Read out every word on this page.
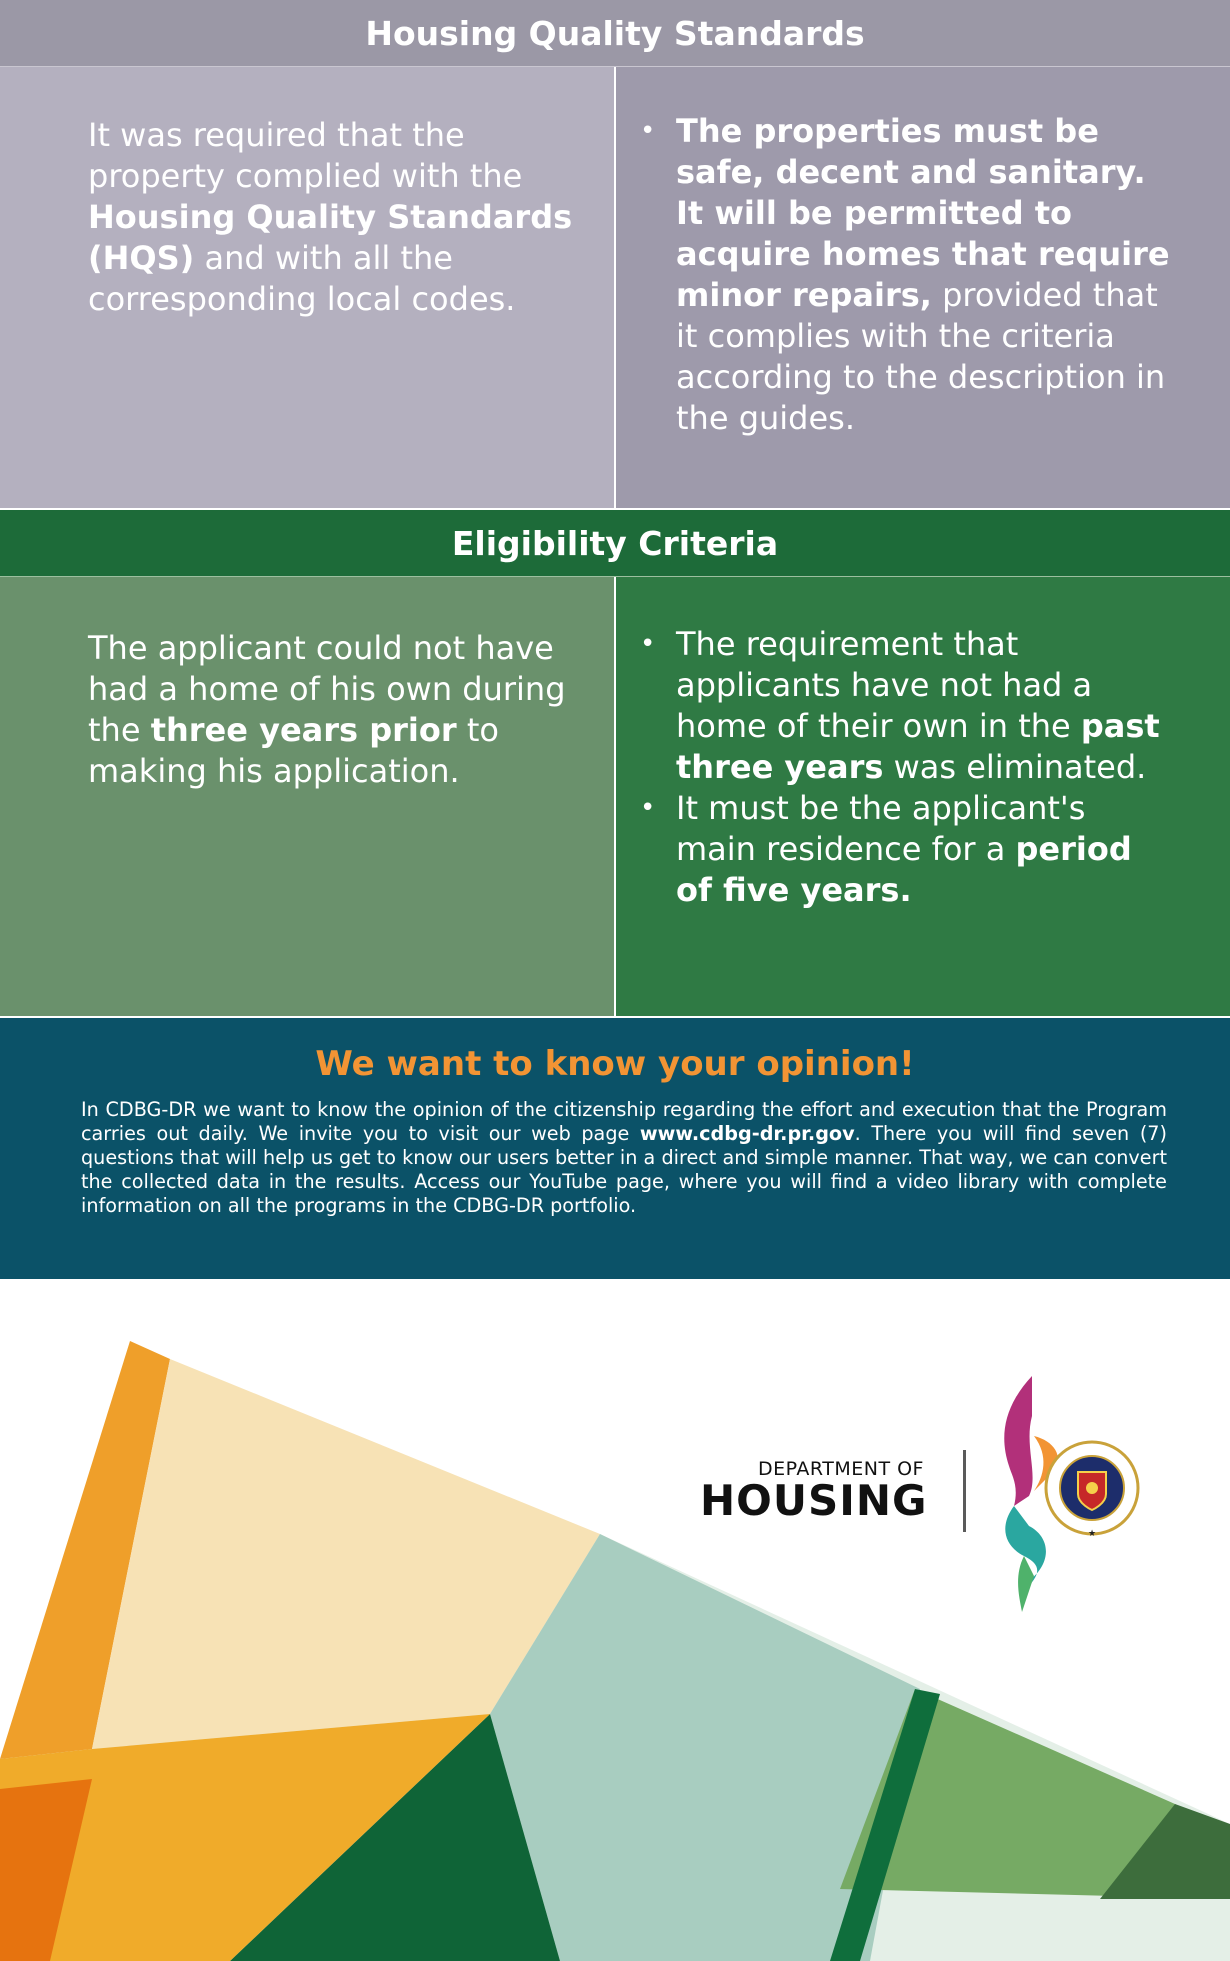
Housing Quality Standards
It was required that the property complied with the Housing Quality Standards (HQS) and with all the corresponding local codes.
• The properties must be safe, decent and sanitary. It will be permitted to acquire homes that require minor repairs, provided that it complies with the criteria according to the description in the guides.
Eligibility Criteria
The applicant could not have had a home of his own during the three years prior to making his application.
• The requirement that applicants have not had a home of their own in the past three years was eliminated.
• It must be the applicant's main residence for a period of five years.
We want to know your opinion!
In CDBG-DR we want to know the opinion of the citizenship regarding the effort and execution that the Program carries out daily. We invite you to visit our web page www.cdbg-dr.pr.gov. There you will find seven (7) questions that will help us get to know our users better in a direct and simple manner. That way, we can convert the collected data in the results. Access our YouTube page, where you will find a video library with complete information on all the programs in the CDBG-DR portfolio.
DEPARTMENT OF
HOUSING
★
